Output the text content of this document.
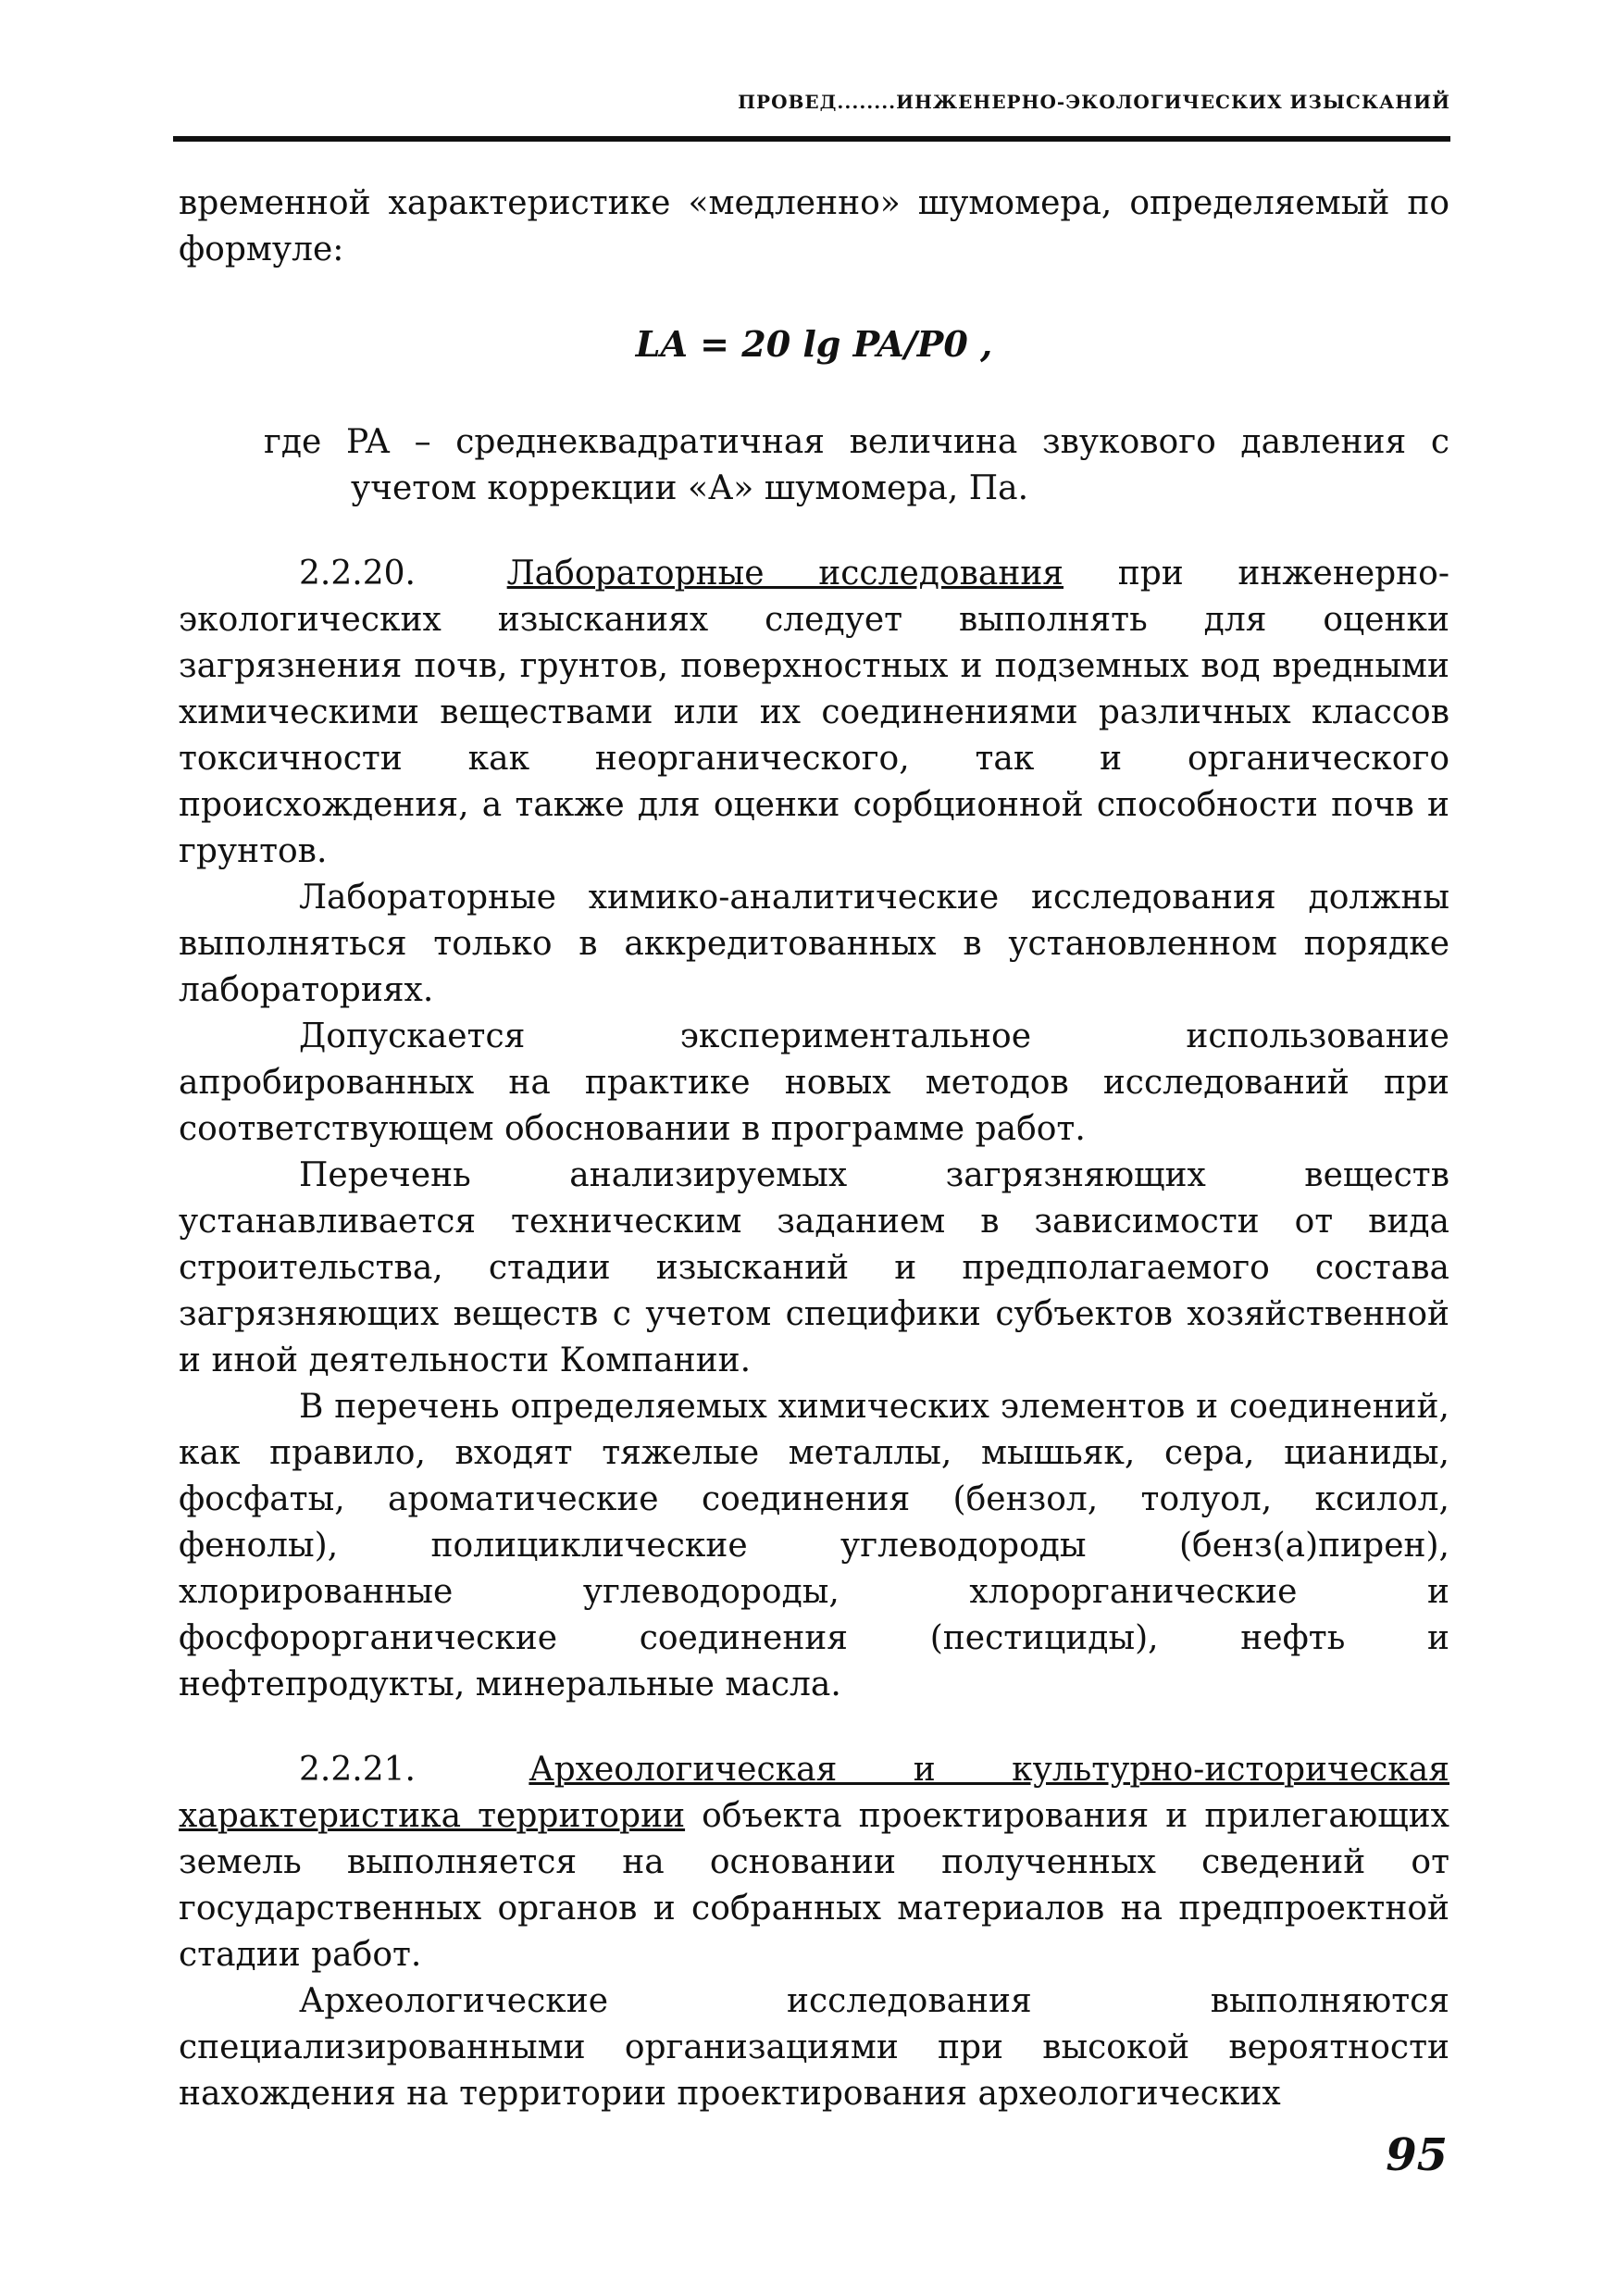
ПРОВЕД........ИНЖЕНЕРНО-ЭКОЛОГИЧЕСКИХ ИЗЫСКАНИЙ

временной характеристике «медленно» шумомера, определяемый по формуле:

LA = 20 lg PA/P0 ,

где PA – среднеквадратичная величина звукового давления с учетом коррекции «А» шумомера, Па.

2.2.20.	Лабораторные исследования при инженерно-экологических изысканиях следует выполнять для оценки загрязнения почв, грунтов, поверхностных и подземных вод вредными химическими веществами или их соединениями различных классов токсичности как неорганического, так и органического происхождения, а также для оценки сорбционной способности почв и грунтов.

Лабораторные химико-аналитические исследования должны выполняться только в аккредитованных в установленном порядке лабораториях.

Допускается экспериментальное использование апробированных на практике новых методов исследований при соответствующем обосновании в программе работ.

Перечень анализируемых загрязняющих веществ устанавливается техническим заданием в зависимости от вида строительства, стадии изысканий и предполагаемого состава загрязняющих веществ с учетом специфики субъектов хозяйственной и иной деятельности Компании.

В перечень определяемых химических элементов и соединений, как правило, входят тяжелые металлы, мышьяк, сера, цианиды, фосфаты, ароматические соединения (бензол, толуол, ксилол, фенолы), полициклические углеводороды (бенз(а)пирен), хлорированные углеводороды, хлорорганические и фосфорорганические соединения (пестициды), нефть и нефтепродукты, минеральные масла.

2.2.21.	Археологическая и культурно-историческая характеристика территории объекта проектирования и прилегающих земель выполняется на основании полученных сведений от государственных органов и собранных материалов на предпроектной стадии работ.

Археологические исследования выполняются специализированными организациями при высокой вероятности нахождения на территории проектирования археологических

95
